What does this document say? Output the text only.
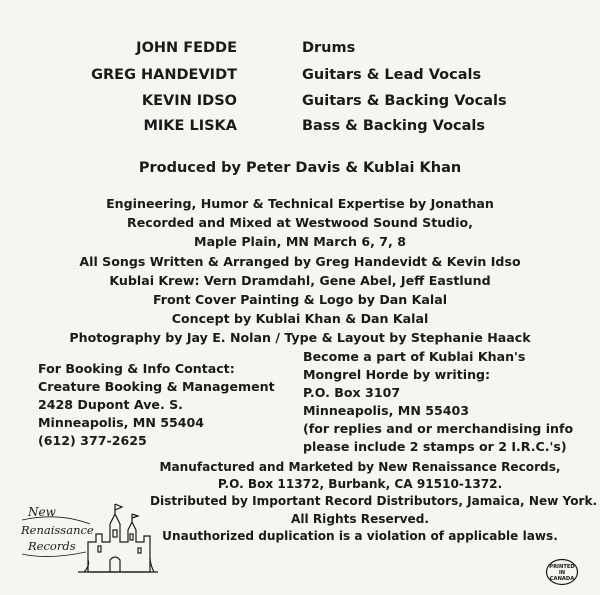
JOHN FEDDE	Drums
GREG HANDEVIDT	Guitars & Lead Vocals
KEVIN IDSO	Guitars & Backing Vocals
MIKE LISKA	Bass & Backing Vocals
Produced by Peter Davis & Kublai Khan
Engineering, Humor & Technical Expertise by Jonathan
Recorded and Mixed at Westwood Sound Studio,
Maple Plain, MN March 6, 7, 8
All Songs Written & Arranged by Greg Handevidt & Kevin Idso
Kublai Krew: Vern Dramdahl, Gene Abel, Jeff Eastlund
Front Cover Painting & Logo by Dan Kalal
Concept by Kublai Khan & Dan Kalal
Photography by Jay E. Nolan / Type & Layout by Stephanie Haack
For Booking & Info Contact:
Creature Booking & Management
2428 Dupont Ave. S.
Minneapolis, MN 55404
(612) 377-2625
Become a part of Kublai Khan's
Mongrel Horde by writing:
P.O. Box 3107
Minneapolis, MN 55403
(for replies and or merchandising info
please include 2 stamps or 2 I.R.C.'s)
Manufactured and Marketed by New Renaissance Records,
P.O. Box 11372, Burbank, CA 91510-1372.
Distributed by Important Record Distributors, Jamaica, New York.
All Rights Reserved.
Unauthorized duplication is a violation of applicable laws.
New
Renaissance
Records
PRINTED
IN
CANADA
